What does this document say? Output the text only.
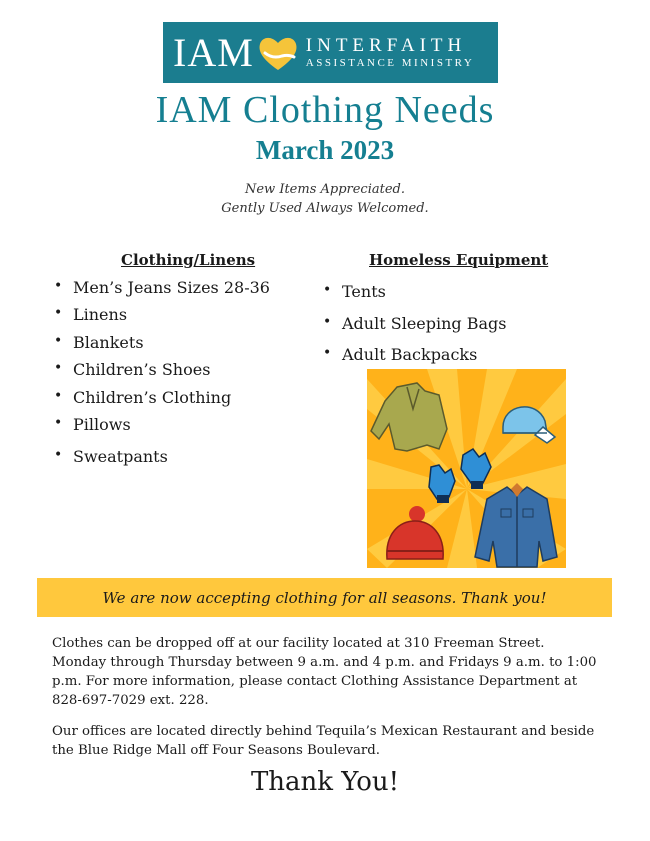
IAM	INTERFAITH
ASSISTANCE MINISTRY
IAM Clothing Needs
March 2023
New Items Appreciated.
Gently Used Always Welcomed.
Clothing/Linens	Homeless Equipment
• Men’s Jeans Sizes 28-36
• Linens
• Blankets
• Children’s Shoes
• Children’s Clothing
• Pillows
• Sweatpants
• Tents
• Adult Sleeping Bags
• Adult Backpacks
We are now accepting clothing for all seasons. Thank you!

Clothes can be dropped off at our facility located at 310 Freeman Street. Monday through Thursday between 9 a.m. and 4 p.m. and Fridays 9 a.m. to 1:00 p.m. For more information, please contact Clothing Assistance Department at 828-697-7029 ext. 228.

Our offices are located directly behind Tequila’s Mexican Restaurant and beside the Blue Ridge Mall off Four Seasons Boulevard.

Thank You!
